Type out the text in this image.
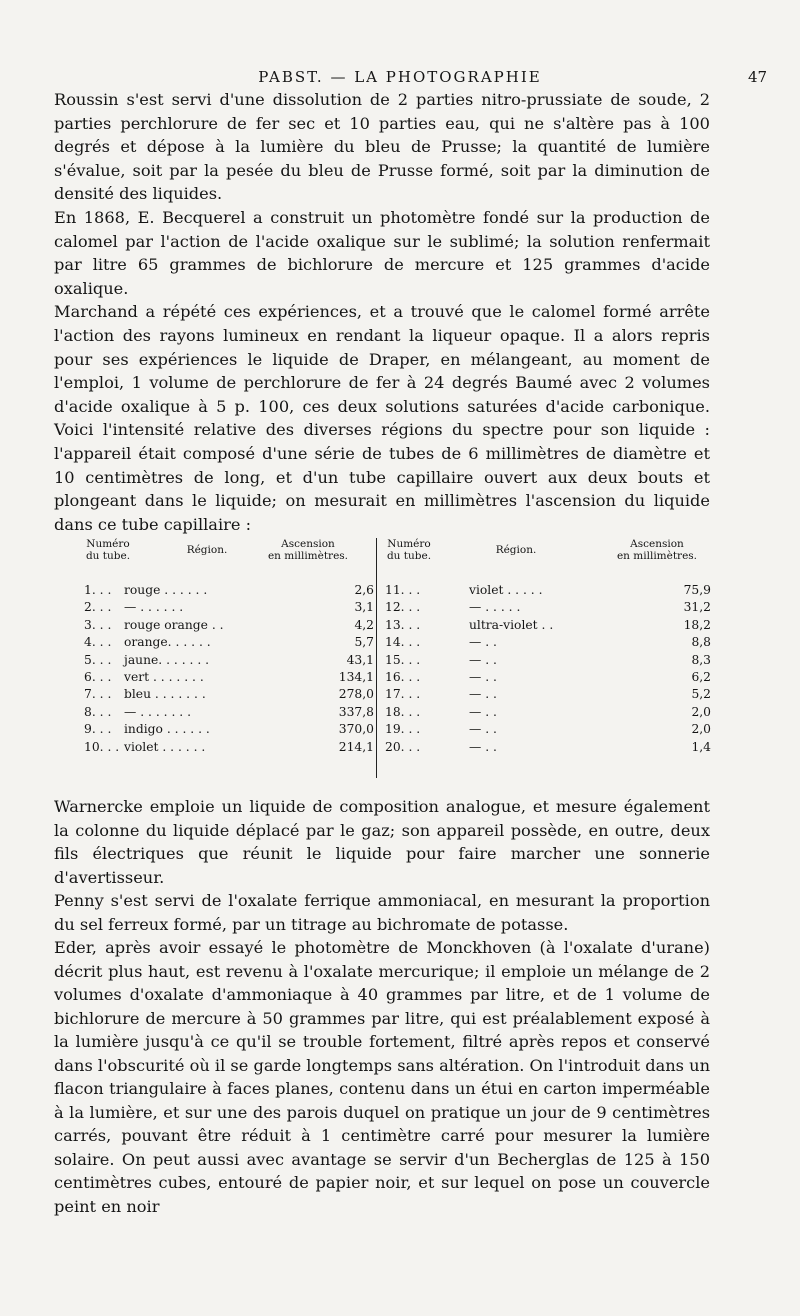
PABST. — LA PHOTOGRAPHIE	47

Roussin s'est servi d'une dissolution de 2 parties nitro-prussiate de soude, 2 parties perchlorure de fer sec et 10 parties eau, qui ne s'altère pas à 100 degrés et dépose à la lumière du bleu de Prusse; la quantité de lumière s'évalue, soit par la pesée du bleu de Prusse formé, soit par la diminution de densité des liquides.

En 1868, E. Becquerel a construit un photomètre fondé sur la production de calomel par l'action de l'acide oxalique sur le sublimé; la solution renfermait par litre 65 grammes de bichlorure de mercure et 125 grammes d'acide oxalique.

Marchand a répété ces expériences, et a trouvé que le calomel formé arrête l'action des rayons lumineux en rendant la liqueur opaque. Il a alors repris pour ses expériences le liquide de Draper, en mélangeant, au moment de l'emploi, 1 volume de perchlorure de fer à 24 degrés Baumé avec 2 volumes d'acide oxalique à 5 p. 100, ces deux solutions saturées d'acide carbonique. Voici l'intensité relative des diverses régions du spectre pour son liquide : l'appareil était composé d'une série de tubes de 6 millimètres de diamètre et 10 centimètres de long, et d'un tube capillaire ouvert aux deux bouts et plongeant dans le liquide; on mesurait en millimètres l'ascension du liquide dans ce tube capillaire :

Numéro
du tube.	Région.	Ascension
en millimètres.
1. . . rouge . . . . . .	2,6
2. . . — . . . . . .	3,1
3. . . rouge orange . .	4,2
4. . . orange. . . . . .	5,7
5. . . jaune. . . . . . .	43,1
6. . . vert . . . . . . .	134,1
7. . . bleu . . . . . . .	278,0
8. . . — . . . . . . .	337,8
9. . . indigo . . . . . .	370,0
10. . . violet . . . . . .	214,1
Numéro
du tube.	Région.	Ascension
en millimètres.
11. . .	violet . . . . .	75,9
12. . .	— . . . . .	31,2
13. . .	ultra-violet . .	18,2
14. . .	— . .	8,8
15. . .	— . .	8,3
16. . .	— . .	6,2
17. . .	— . .	5,2
18. . .	— . .	2,0
19. . .	— . .	2,0
20. . .	— . .	1,4

Warnercke emploie un liquide de composition analogue, et mesure également la colonne du liquide déplacé par le gaz; son appareil possède, en outre, deux fils électriques que réunit le liquide pour faire marcher une sonnerie d'avertisseur.

Penny s'est servi de l'oxalate ferrique ammoniacal, en mesurant la proportion du sel ferreux formé, par un titrage au bichromate de potasse.

Eder, après avoir essayé le photomètre de Monckhoven (à l'oxalate d'urane) décrit plus haut, est revenu à l'oxalate mercurique; il emploie un mélange de 2 volumes d'oxalate d'ammoniaque à 40 grammes par litre, et de 1 volume de bichlorure de mercure à 50 grammes par litre, qui est préalablement exposé à la lumière jusqu'à ce qu'il se trouble fortement, filtré après repos et conservé dans l'obscurité où il se garde longtemps sans altération. On l'introduit dans un flacon triangulaire à faces planes, contenu dans un étui en carton imperméable à la lumière, et sur une des parois duquel on pratique un jour de 9 centimètres carrés, pouvant être réduit à 1 centimètre carré pour mesurer la lumière solaire. On peut aussi avec avantage se servir d'un Becherglas de 125 à 150 centimètres cubes, entouré de papier noir, et sur lequel on pose un couvercle peint en noir
